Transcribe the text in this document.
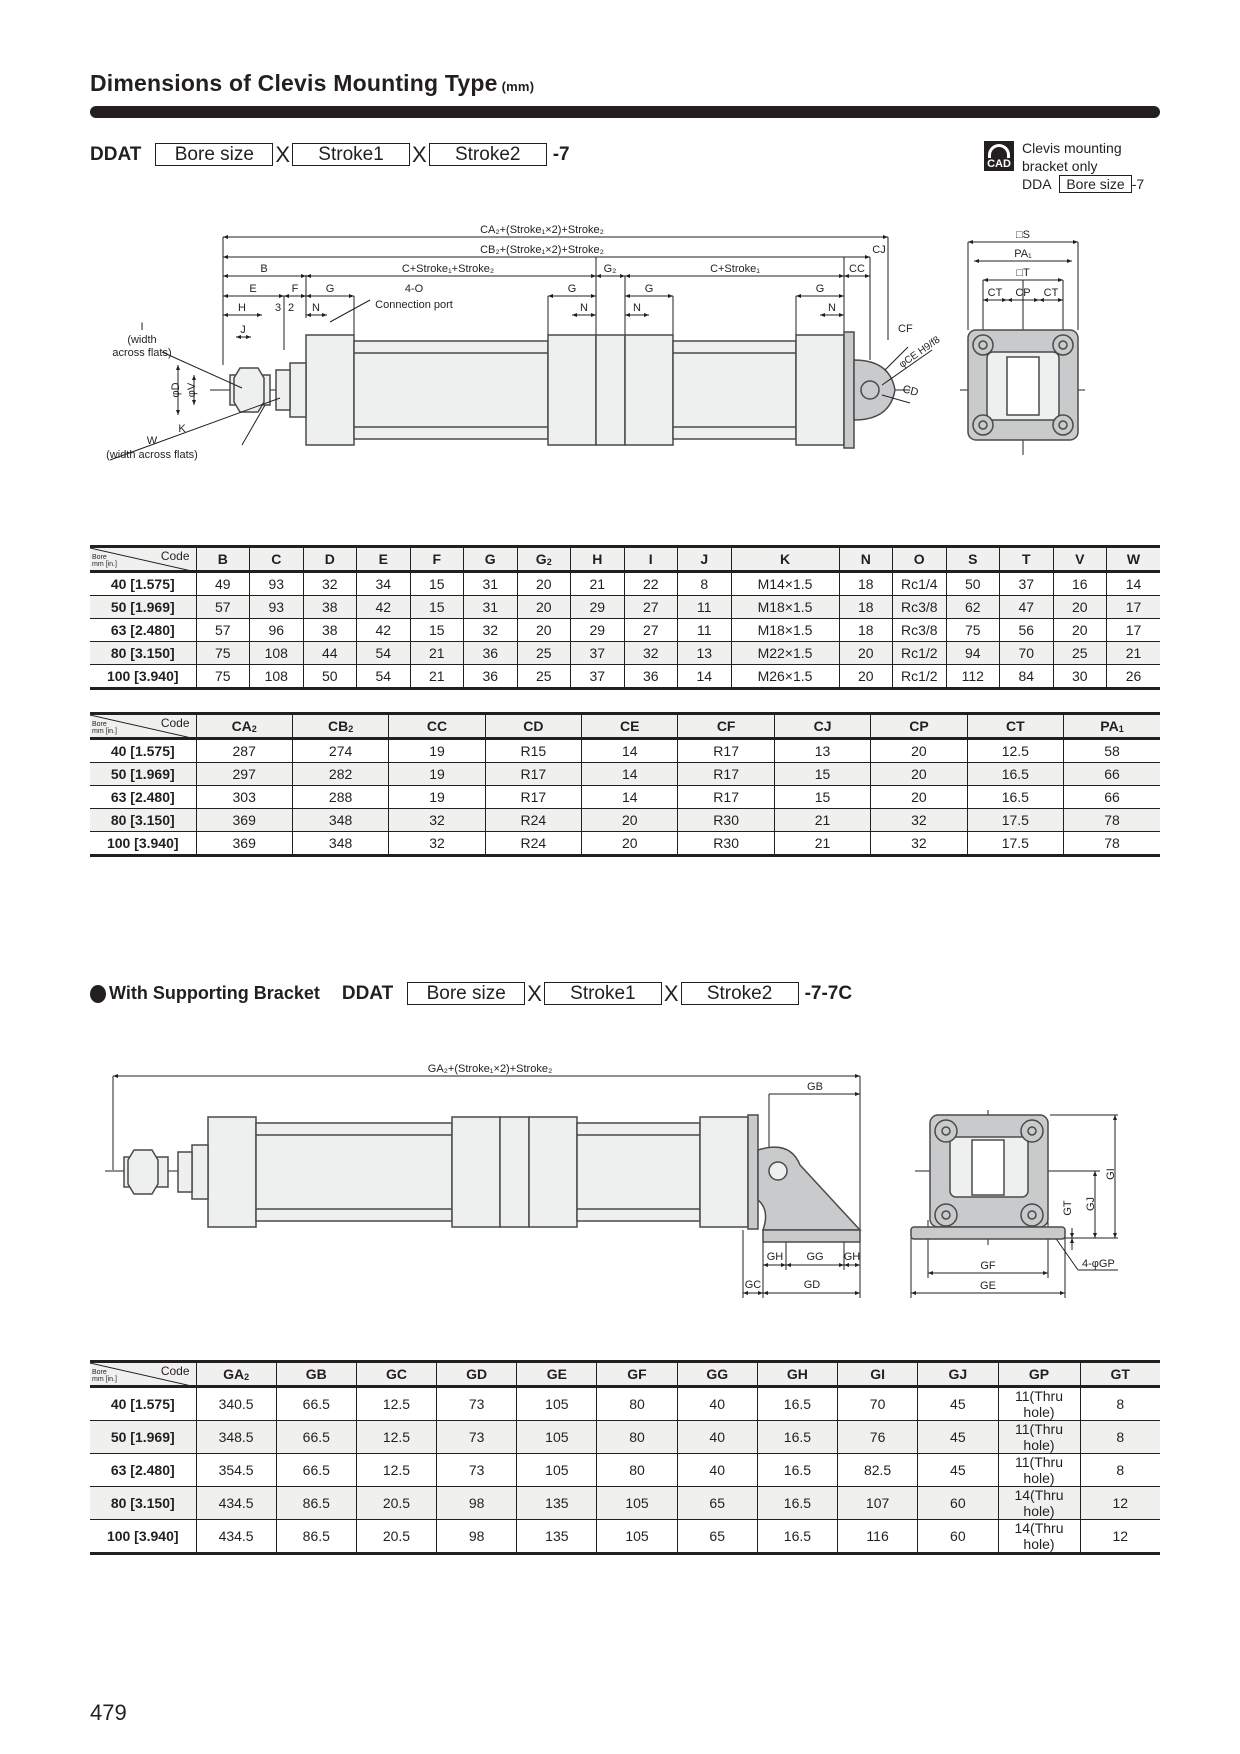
Dimensions of Clevis Mounting Type (mm)
DDAT	Bore size X	Stroke1	X	Stroke2	-7	CAD
Clevis mounting
bracket only
DDA Bore size -7
CA₂+(Stroke₁×2)+Stroke₂
CB₂+(Stroke₁×2)+Stroke₂
B	C+Stroke₁+Stroke₂	G₂	C+Stroke₁	CC
CJ
E	F G	G	G	G
4-O
Connection port
H	3 2 N	N	N	N
J
I
(width
across flats)
φD φV
K
W
(width across flats)
CF
φCE H9/f8
CD
□S
PA₁
□T
CT CP CT
Code
Bore
mm [in.]	B	C	D	E	F	G	$G_2$	H	I	J	K	N	O	S	T	V	W
40 [1.575]	49	93	32	34	15	31	20	21	22	8	M14×1.5	18	Rc1/4	50	37	16	14
50 [1.969]	57	93	38	42	15	31	20	29	27	11	M18×1.5	18	Rc3/8	62	47	20	17
63 [2.480]	57	96	38	42	15	32	20	29	27	11	M18×1.5	18	Rc3/8	75	56	20	17
80 [3.150]	75	108	44	54	21	36	25	37	32	13	M22×1.5	20	Rc1/2	94	70	25	21
100 [3.940]	75	108	50	54	21	36	25	37	36	14	M26×1.5	20	Rc1/2	112	84	30	26
Code
Bore
mm [in.]	$CA_2$	$CB_2$	CC	CD	CE	CF	CJ	CP	CT	$PA_1$
40 [1.575]	287	274	19	R15	14	R17	13	20	12.5	58
50 [1.969]	297	282	19	R17	14	R17	15	20	16.5	66
63 [2.480]	303	288	19	R17	14	R17	15	20	16.5	66
80 [3.150]	369	348	32	R24	20	R30	21	32	17.5	78
100 [3.940]	369	348	32	R24	20	R30	21	32	17.5	78
With Supporting Bracket DDAT	Bore size X	Stroke1	X	Stroke2	-7-7C
GA₂+(Stroke₁×2)+Stroke₂
GB
GH GG GH
GC	GD
GF
GE
GI
GJ
GT
4-φGP
Code
Bore
mm [in.]	$GA_2$	GB	GC	GD	GE	GF	GG	GH	GI	GJ	GP	GT
40 [1.575]	340.5	66.5	12.5	73	105	80	40	16.5	70	45	11(Thru hole)	8
50 [1.969]	348.5	66.5	12.5	73	105	80	40	16.5	76	45	11(Thru hole)	8
63 [2.480]	354.5	66.5	12.5	73	105	80	40	16.5	82.5	45	11(Thru hole)	8
80 [3.150]	434.5	86.5	20.5	98	135	105	65	16.5	107	60	14(Thru hole)	12
100 [3.940]	434.5	86.5	20.5	98	135	105	65	16.5	116	60	14(Thru hole)	12
479
